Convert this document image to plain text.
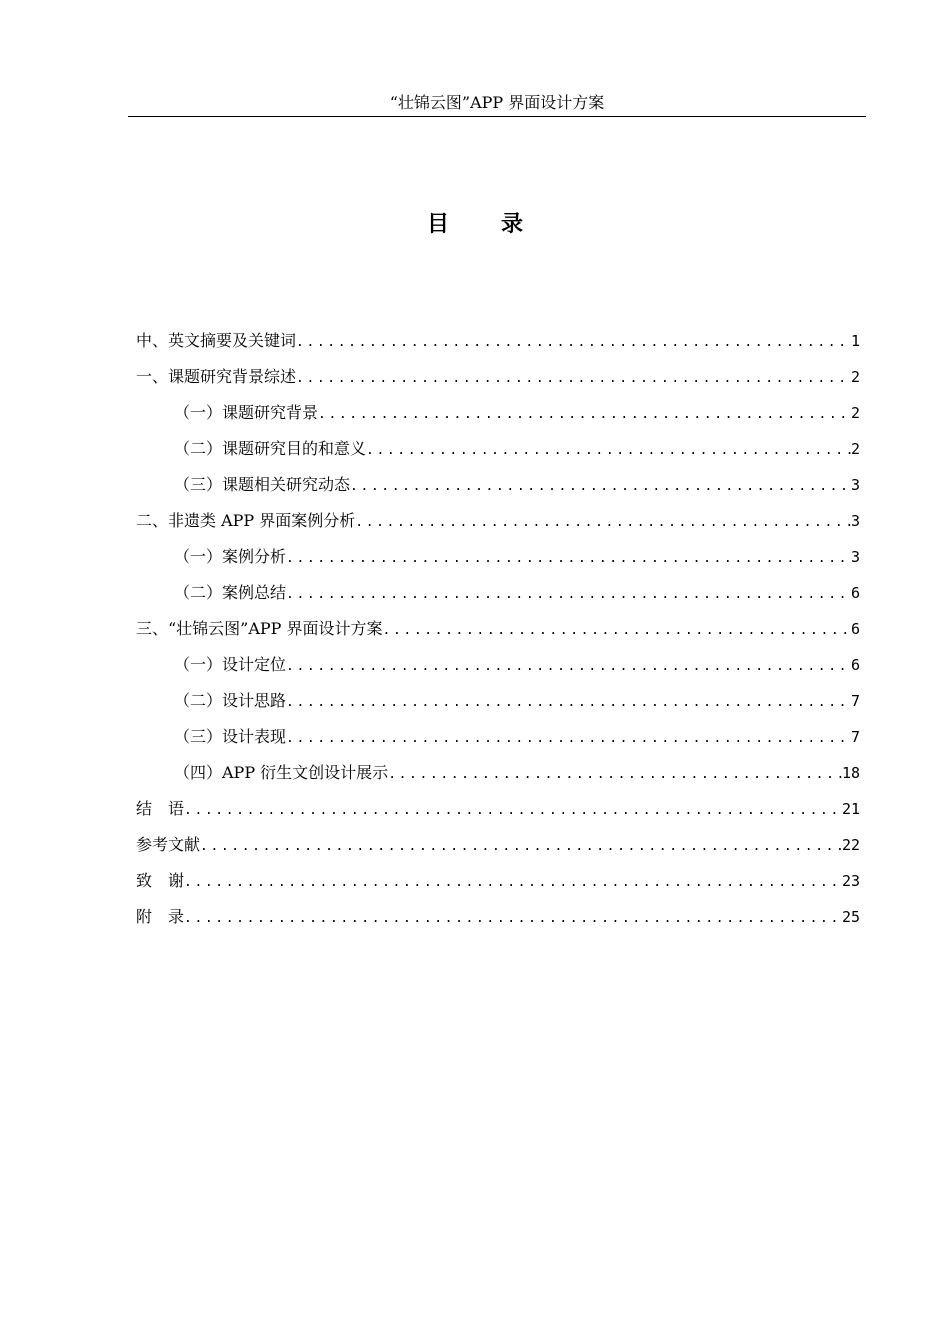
“壮锦云图”APP 界面设计方案
目 录
中、英文摘要及关键词 .....	1
一、课题研究背景综述 .....	2
（一）课题研究背景 .....	2
（二）课题研究目的和意义 .....	2
（三）课题相关研究动态 .....	3
二、非遗类 APP 界面案例分析 .....	3
（一）案例分析 .....	3
（二）案例总结 .....	6
三、“壮锦云图”APP 界面设计方案 .....	6
（一）设计定位 .....	6
（二）设计思路 .....	7
（三）设计表现 .....	7
（四）APP 衍生文创设计展示 .....	18
结　语 .....	21
参考文献 .....	22
致　谢 .....	23
附　录 .....	25
